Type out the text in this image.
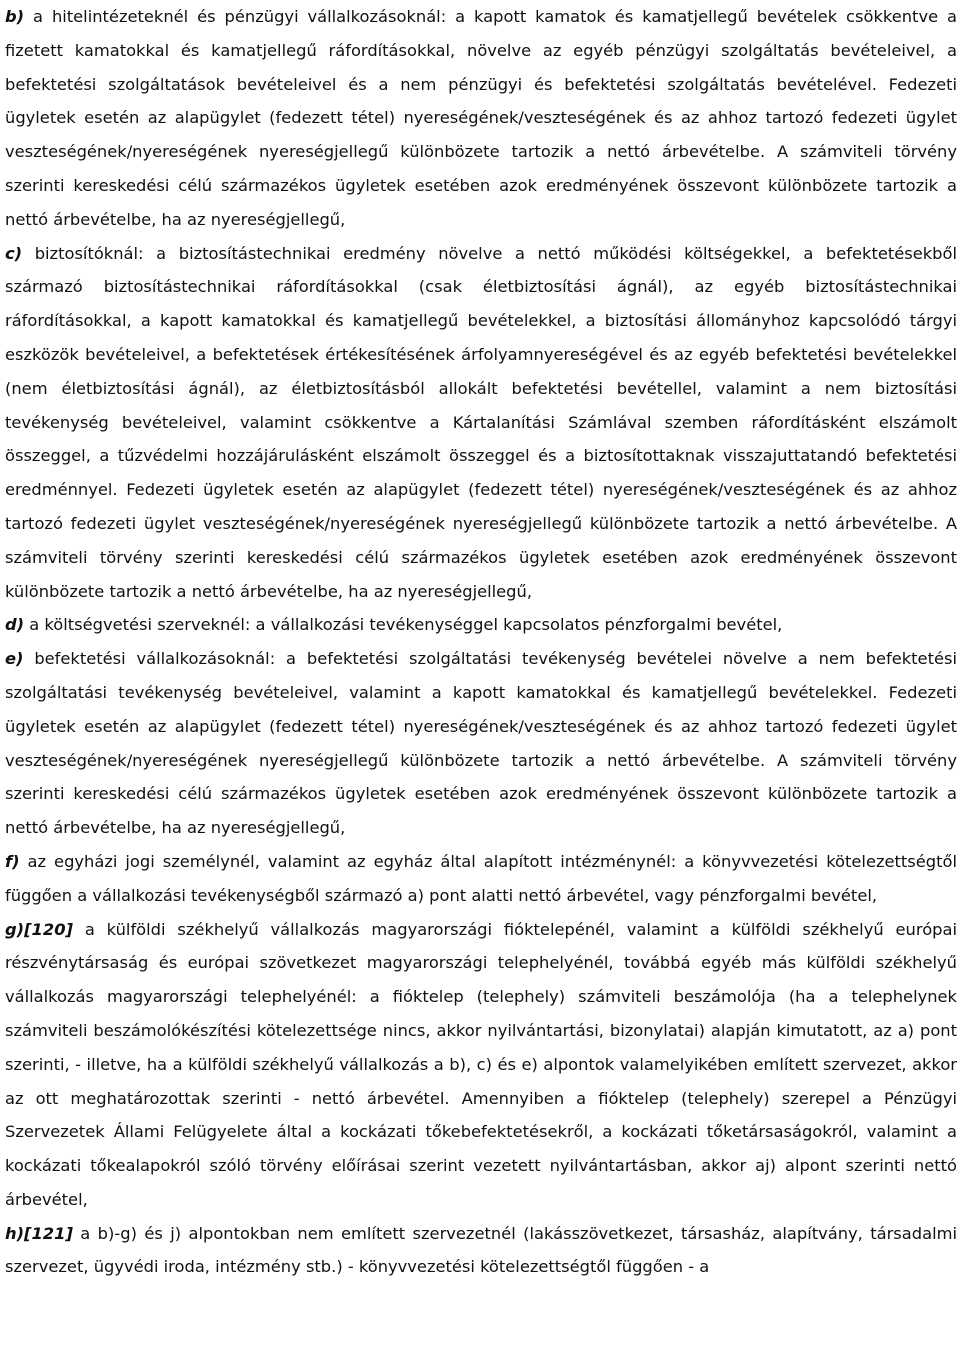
b) a hitelintézeteknél és pénzügyi vállalkozásoknál: a kapott kamatok és kamatjellegű bevételek csökkentve a fizetett kamatokkal és kamatjellegű ráfordításokkal, növelve az egyéb pénzügyi szolgáltatás bevételeivel, a befektetési szolgáltatások bevételeivel és a nem pénzügyi és befektetési szolgáltatás bevételével. Fedezeti ügyletek esetén az alapügylet (fedezett tétel) nyereségének/veszteségének és az ahhoz tartozó fedezeti ügylet veszteségének/nyereségének nyereségjellegű különbözete tartozik a nettó árbevételbe. A számviteli törvény szerinti kereskedési célú származékos ügyletek esetében azok eredményének összevont különbözete tartozik a nettó árbevételbe, ha az nyereségjellegű,

c) biztosítóknál: a biztosítástechnikai eredmény növelve a nettó működési költségekkel, a befektetésekből származó biztosítástechnikai ráfordításokkal (csak életbiztosítási ágnál), az egyéb biztosítástechnikai ráfordításokkal, a kapott kamatokkal és kamatjellegű bevételekkel, a biztosítási állományhoz kapcsolódó tárgyi eszközök bevételeivel, a befektetések értékesítésének árfolyamnyereségével és az egyéb befektetési bevételekkel (nem életbiztosítási ágnál), az életbiztosításból allokált befektetési bevétellel, valamint a nem biztosítási tevékenység bevételeivel, valamint csökkentve a Kártalanítási Számlával szemben ráfordításként elszámolt összeggel, a tűzvédelmi hozzájárulásként elszámolt összeggel és a biztosítottaknak visszajuttatandó befektetési eredménnyel. Fedezeti ügyletek esetén az alapügylet (fedezett tétel) nyereségének/veszteségének és az ahhoz tartozó fedezeti ügylet veszteségének/nyereségének nyereségjellegű különbözete tartozik a nettó árbevételbe. A számviteli törvény szerinti kereskedési célú származékos ügyletek esetében azok eredményének összevont különbözete tartozik a nettó árbevételbe, ha az nyereségjellegű,

d) a költségvetési szerveknél: a vállalkozási tevékenységgel kapcsolatos pénzforgalmi bevétel,

e) befektetési vállalkozásoknál: a befektetési szolgáltatási tevékenység bevételei növelve a nem befektetési szolgáltatási tevékenység bevételeivel, valamint a kapott kamatokkal és kamatjellegű bevételekkel. Fedezeti ügyletek esetén az alapügylet (fedezett tétel) nyereségének/veszteségének és az ahhoz tartozó fedezeti ügylet veszteségének/nyereségének nyereségjellegű különbözete tartozik a nettó árbevételbe. A számviteli törvény szerinti kereskedési célú származékos ügyletek esetében azok eredményének összevont különbözete tartozik a nettó árbevételbe, ha az nyereségjellegű,

f) az egyházi jogi személynél, valamint az egyház által alapított intézménynél: a könyvvezetési kötelezettségtől függően a vállalkozási tevékenységből származó a) pont alatti nettó árbevétel, vagy pénzforgalmi bevétel,

g)[120] a külföldi székhelyű vállalkozás magyarországi fióktelepénél, valamint a külföldi székhelyű európai részvénytársaság és európai szövetkezet magyarországi telephelyénél, továbbá egyéb más külföldi székhelyű vállalkozás magyarországi telephelyénél: a fióktelep (telephely) számviteli beszámolója (ha a telephelynek számviteli beszámolókészítési kötelezettsége nincs, akkor nyilvántartási, bizonylatai) alapján kimutatott, az a) pont szerinti, - illetve, ha a külföldi székhelyű vállalkozás a b), c) és e) alpontok valamelyikében említett szervezet, akkor az ott meghatározottak szerinti - nettó árbevétel. Amennyiben a fióktelep (telephely) szerepel a Pénzügyi Szervezetek Állami Felügyelete által a kockázati tőkebefektetésekről, a kockázati tőketársaságokról, valamint a kockázati tőkealapokról szóló törvény előírásai szerint vezetett nyilvántartásban, akkor aj) alpont szerinti nettó árbevétel,

h)[121] a b)-g) és j) alpontokban nem említett szervezetnél (lakásszövetkezet, társasház, alapítvány, társadalmi szervezet, ügyvédi iroda, intézmény stb.) - könyvvezetési kötelezettségtől függően - a
